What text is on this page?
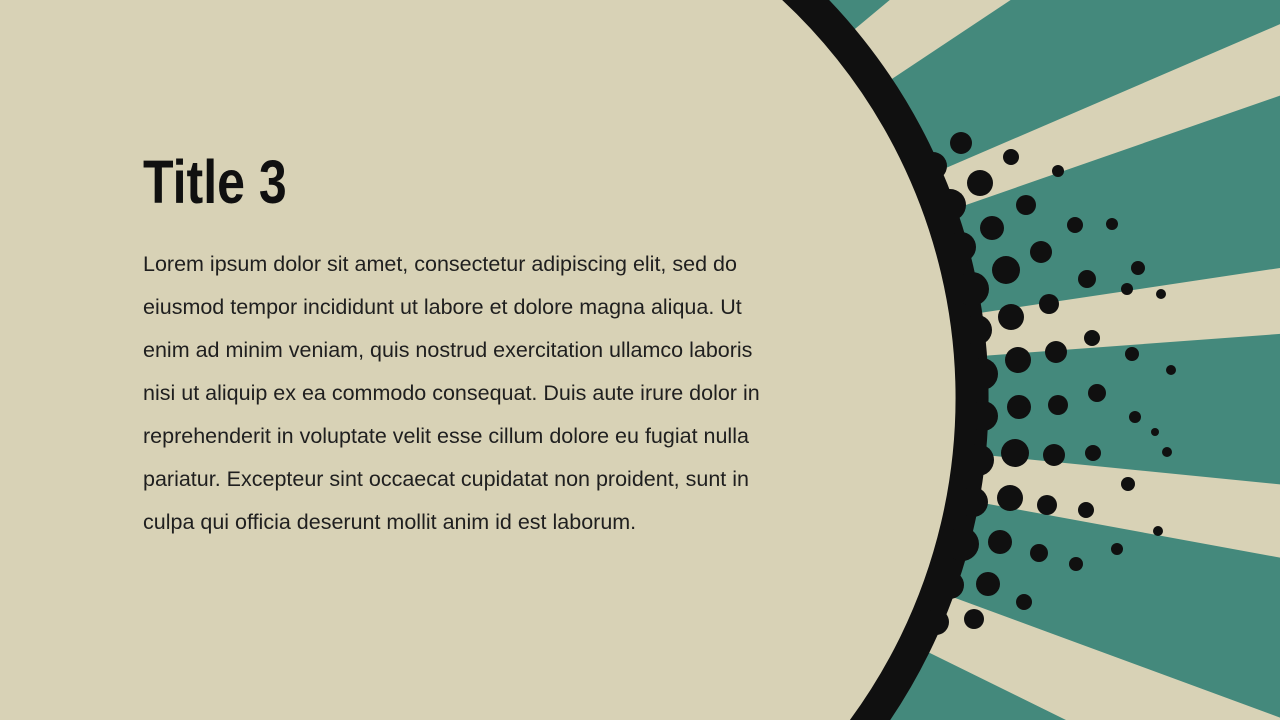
Title 3
Lorem ipsum dolor sit amet, consectetur adipiscing elit, sed do
eiusmod tempor incididunt ut labore et dolore magna aliqua. Ut
enim ad minim veniam, quis nostrud exercitation ullamco laboris
nisi ut aliquip ex ea commodo consequat. Duis aute irure dolor in
reprehenderit in voluptate velit esse cillum dolore eu fugiat nulla
pariatur. Excepteur sint occaecat cupidatat non proident, sunt in
culpa qui officia deserunt mollit anim id est laborum.
